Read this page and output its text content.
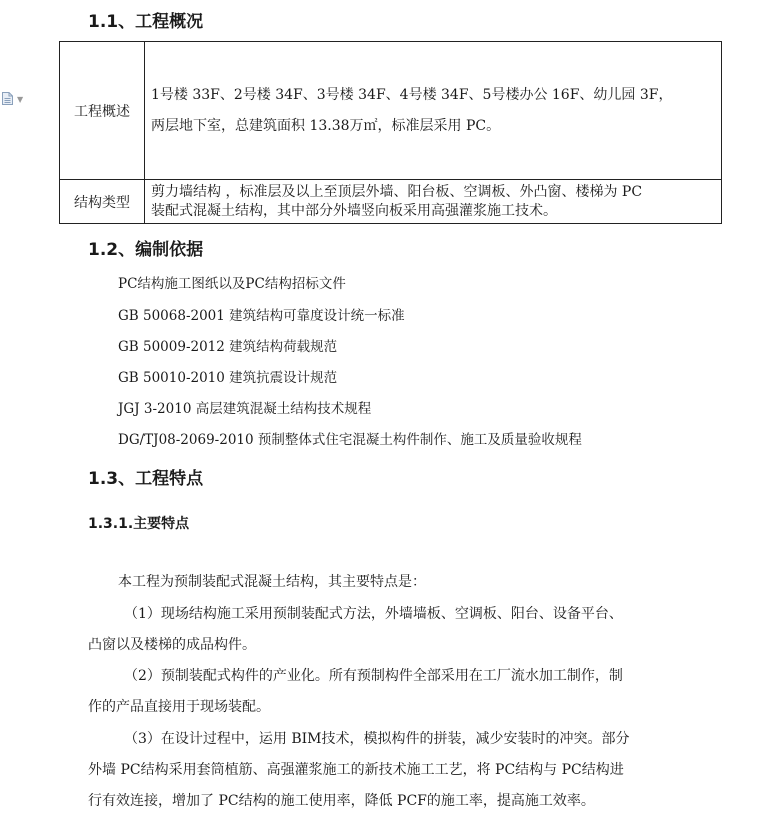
▼
1.1、工程概况
工程概述	1号楼 33F、2号楼 34F、3号楼 34F、4号楼 34F、5号楼办公 16F、幼儿园 3F，
两层地下室，总建筑面积 13.38万㎡，标准层采用 PC。

结构类型	剪力墙结构 ，标准层及以上至顶层外墙、阳台板、空调板、外凸窗、楼梯为 PC
装配式混凝土结构，其中部分外墙竖向板采用高强灌浆施工技术。
1.2、编制依据
PC结构施工图纸以及PC结构招标文件
GB 50068-2001 建筑结构可靠度设计统一标准
GB 50009-2012 建筑结构荷载规范
GB 50010-2010 建筑抗震设计规范
JGJ 3-2010 高层建筑混凝土结构技术规程
DG/TJ08-2069-2010 预制整体式住宅混凝土构件制作、施工及质量验收规程
1.3、工程特点
1.3.1.主要特点
本工程为预制装配式混凝土结构，其主要特点是：
（1）现场结构施工采用预制装配式方法，外墙墙板、空调板、阳台、设备平台、
凸窗以及楼梯的成品构件。
（2）预制装配式构件的产业化。所有预制构件全部采用在工厂流水加工制作，制
作的产品直接用于现场装配。
（3）在设计过程中，运用 BIM技术，模拟构件的拼装，减少安装时的冲突。部分
外墙 PC结构采用套筒植筋、高强灌浆施工的新技术施工工艺，将 PC结构与 PC结构进
行有效连接，增加了 PC结构的施工使用率，降低 PCF的施工率，提高施工效率。
